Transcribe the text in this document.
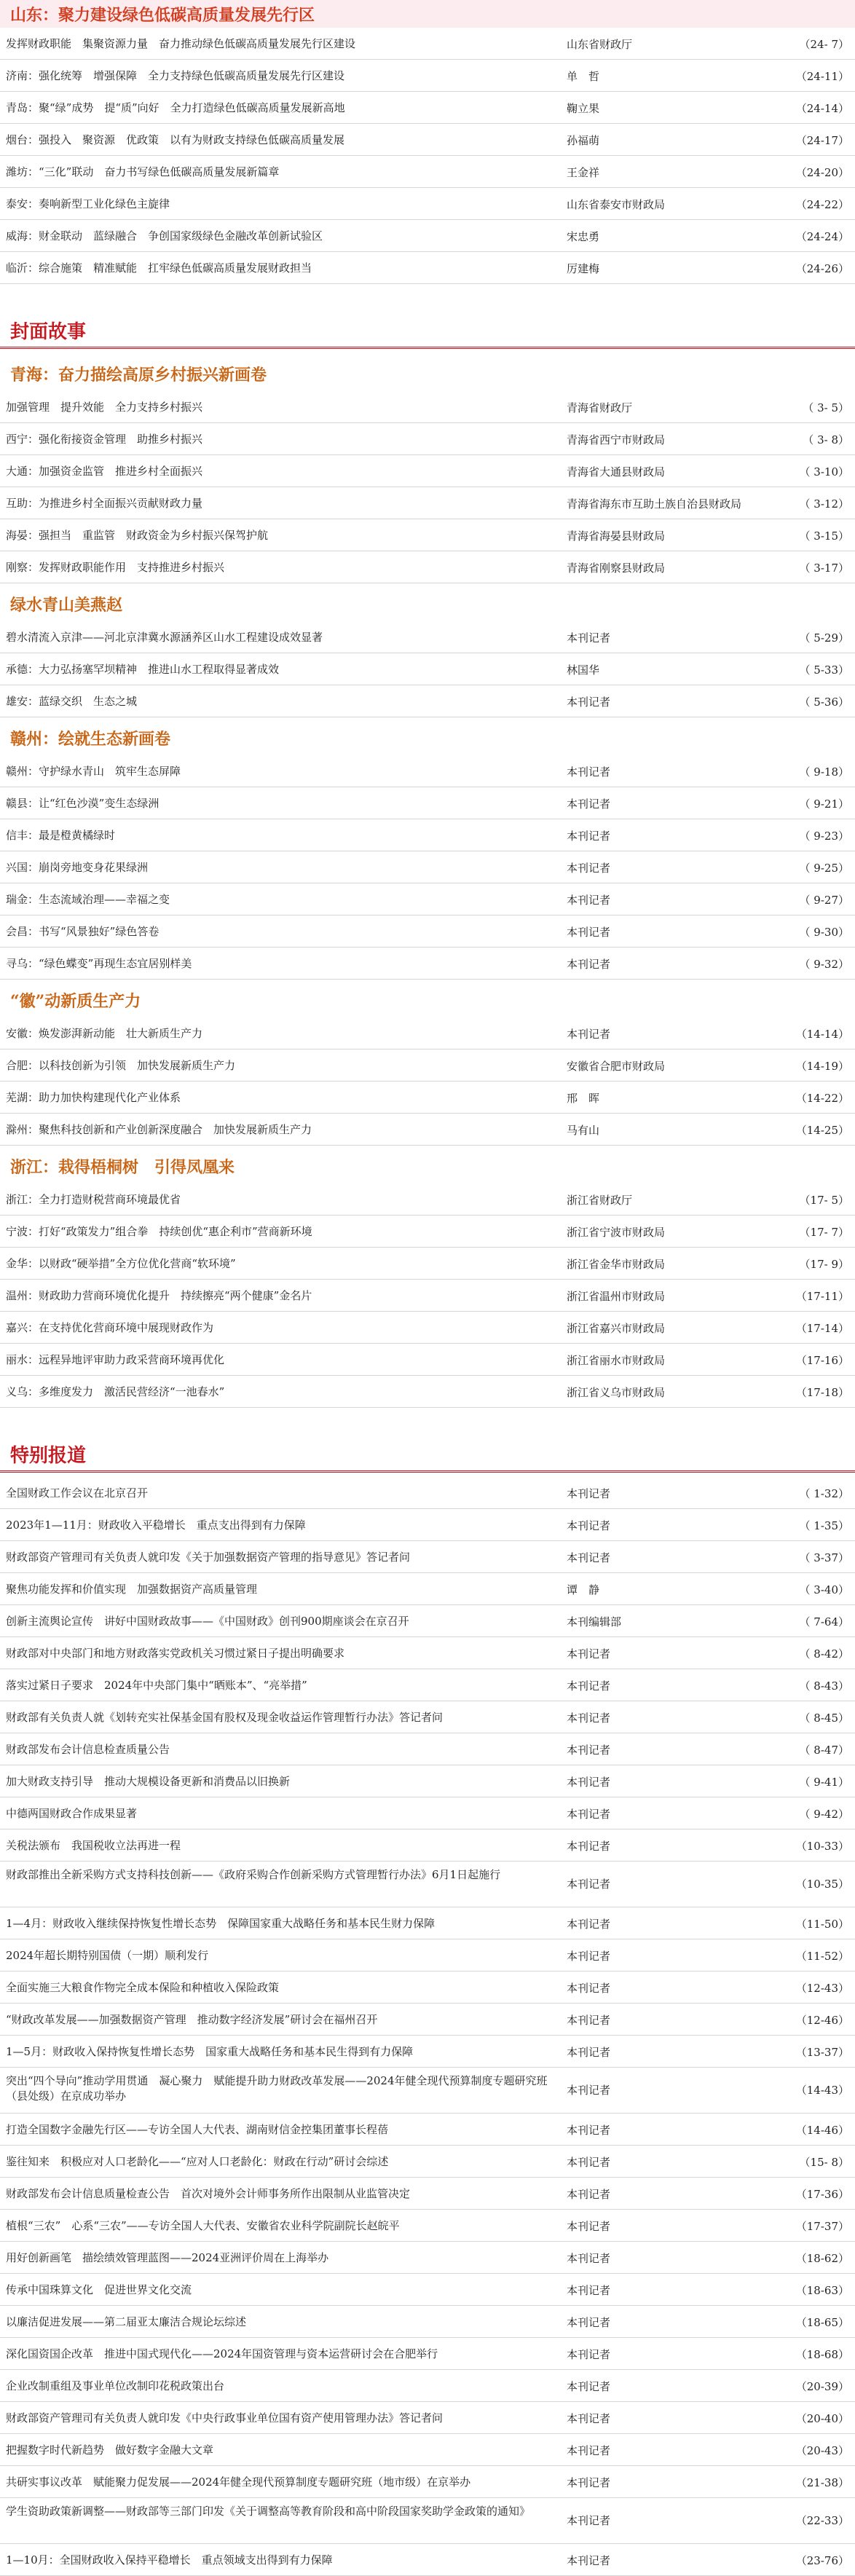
山东：聚力建设绿色低碳高质量发展先行区
发挥财政职能　集聚资源力量　奋力推动绿色低碳高质量发展先行区建设	山东省财政厅	（24- 7）
济南：强化统筹　增强保障　全力支持绿色低碳高质量发展先行区建设	单　哲	（24-11）
青岛：聚“绿”成势　提“质”向好　全力打造绿色低碳高质量发展新高地	鞠立果	（24-14）
烟台：强投入　聚资源　优政策　以有为财政支持绿色低碳高质量发展	孙福萌	（24-17）
潍坊：“三化”联动　奋力书写绿色低碳高质量发展新篇章	王金祥	（24-20）
泰安：奏响新型工业化绿色主旋律	山东省泰安市财政局	（24-22）
威海：财金联动　蓝绿融合　争创国家级绿色金融改革创新试验区	宋忠勇	（24-24）
临沂：综合施策　精准赋能　扛牢绿色低碳高质量发展财政担当	厉建梅	（24-26）
封面故事
青海：奋力描绘高原乡村振兴新画卷
加强管理　提升效能　全力支持乡村振兴	青海省财政厅	（ 3- 5）
西宁：强化衔接资金管理　助推乡村振兴	青海省西宁市财政局	（ 3- 8）
大通：加强资金监管　推进乡村全面振兴	青海省大通县财政局	（ 3-10）
互助：为推进乡村全面振兴贡献财政力量	青海省海东市互助土族自治县财政局	（ 3-12）
海晏：强担当　重监管　财政资金为乡村振兴保驾护航	青海省海晏县财政局	（ 3-15）
刚察：发挥财政职能作用　支持推进乡村振兴	青海省刚察县财政局	（ 3-17）
绿水青山美燕赵
碧水清流入京津——河北京津冀水源涵养区山水工程建设成效显著	本刊记者	（ 5-29）
承德：大力弘扬塞罕坝精神　推进山水工程取得显著成效	林国华	（ 5-33）
雄安：蓝绿交织　生态之城	本刊记者	（ 5-36）
赣州：绘就生态新画卷
赣州：守护绿水青山　筑牢生态屏障	本刊记者	（ 9-18）
赣县：让“红色沙漠”变生态绿洲	本刊记者	（ 9-21）
信丰：最是橙黄橘绿时	本刊记者	（ 9-23）
兴国：崩岗旁地变身花果绿洲	本刊记者	（ 9-25）
瑞金：生态流域治理——幸福之变	本刊记者	（ 9-27）
会昌：书写“风景独好”绿色答卷	本刊记者	（ 9-30）
寻乌：“绿色蝶变”再现生态宜居别样美	本刊记者	（ 9-32）
“徽”动新质生产力
安徽：焕发澎湃新动能　壮大新质生产力	本刊记者	（14-14）
合肥：以科技创新为引领　加快发展新质生产力	安徽省合肥市财政局	（14-19）
芜湖：助力加快构建现代化产业体系	邢　晖	（14-22）
滁州：聚焦科技创新和产业创新深度融合　加快发展新质生产力	马有山	（14-25）
浙江：栽得梧桐树　引得凤凰来
浙江：全力打造财税营商环境最优省	浙江省财政厅	（17- 5）
宁波：打好“政策发力”组合拳　持续创优“惠企利市”营商新环境	浙江省宁波市财政局	（17- 7）
金华：以财政“硬举措”全方位优化营商“软环境”	浙江省金华市财政局	（17- 9）
温州：财政助力营商环境优化提升　持续擦亮“两个健康”金名片	浙江省温州市财政局	（17-11）
嘉兴：在支持优化营商环境中展现财政作为	浙江省嘉兴市财政局	（17-14）
丽水：远程异地评审助力政采营商环境再优化	浙江省丽水市财政局	（17-16）
义乌：多维度发力　激活民营经济“一池春水”	浙江省义乌市财政局	（17-18）
特别报道
全国财政工作会议在北京召开	本刊记者	（ 1-32）
2023年1—11月：财政收入平稳增长　重点支出得到有力保障	本刊记者	（ 1-35）
财政部资产管理司有关负责人就印发《关于加强数据资产管理的指导意见》答记者问	本刊记者	（ 3-37）
聚焦功能发挥和价值实现　加强数据资产高质量管理	谭　静	（ 3-40）
创新主流舆论宣传　讲好中国财政故事——《中国财政》创刊900期座谈会在京召开	本刊编辑部	（ 7-64）
财政部对中央部门和地方财政落实党政机关习惯过紧日子提出明确要求	本刊记者	（ 8-42）
落实过紧日子要求　2024年中央部门集中“晒账本”、“亮举措”	本刊记者	（ 8-43）
财政部有关负责人就《划转充实社保基金国有股权及现金收益运作管理暂行办法》答记者问	本刊记者	（ 8-45）
财政部发布会计信息检查质量公告	本刊记者	（ 8-47）
加大财政支持引导　推动大规模设备更新和消费品以旧换新	本刊记者	（ 9-41）
中德两国财政合作成果显著	本刊记者	（ 9-42）
关税法颁布　我国税收立法再进一程	本刊记者	（10-33）
财政部推出全新采购方式支持科技创新——《政府采购合作创新采购方式管理暂行办法》6月1日起施行
本刊记者	（10-35）
1—4月：财政收入继续保持恢复性增长态势　保障国家重大战略任务和基本民生财力保障	本刊记者	（11-50）
2024年超长期特别国债（一期）顺利发行	本刊记者	（11-52）
全面实施三大粮食作物完全成本保险和种植收入保险政策	本刊记者	（12-43）
“财政改革发展——加强数据资产管理　推动数字经济发展”研讨会在福州召开	本刊记者	（12-46）
1—5月：财政收入保持恢复性增长态势　国家重大战略任务和基本民生得到有力保障	本刊记者	（13-37）
突出“四个导向”推动学用贯通　凝心聚力　赋能提升助力财政改革发展——2024年健全现代预算制度专题研究班（县处级）在京成功举办	本刊记者	（14-43）
打造全国数字金融先行区——专访全国人大代表、湖南财信金控集团董事长程蓓	本刊记者	（14-46）
鉴往知来　积极应对人口老龄化——“应对人口老龄化：财政在行动”研讨会综述	本刊记者	（15- 8）
财政部发布会计信息质量检查公告　首次对境外会计师事务所作出限制从业监管决定	本刊记者	（17-36）
植根“三农”　心系“三农”——专访全国人大代表、安徽省农业科学院副院长赵皖平	本刊记者	（17-37）
用好创新画笔　描绘绩效管理蓝图——2024亚洲评价周在上海举办	本刊记者	（18-62）
传承中国珠算文化　促进世界文化交流	本刊记者	（18-63）
以廉洁促进发展——第二届亚太廉洁合规论坛综述	本刊记者	（18-65）
深化国资国企改革　推进中国式现代化——2024年国资管理与资本运营研讨会在合肥举行	本刊记者	（18-68）
企业改制重组及事业单位改制印花税政策出台	本刊记者	（20-39）
财政部资产管理司有关负责人就印发《中央行政事业单位国有资产使用管理办法》答记者问	本刊记者	（20-40）
把握数字时代新趋势　做好数字金融大文章	本刊记者	（20-43）
共研实事议改革　赋能聚力促发展——2024年健全现代预算制度专题研究班（地市级）在京举办	本刊记者	（21-38）
学生资助政策新调整——财政部等三部门印发《关于调整高等教育阶段和高中阶段国家奖助学金政策的通知》
本刊记者	（22-33）
1—10月：全国财政收入保持平稳增长　重点领域支出得到有力保障	本刊记者	（23-76）
